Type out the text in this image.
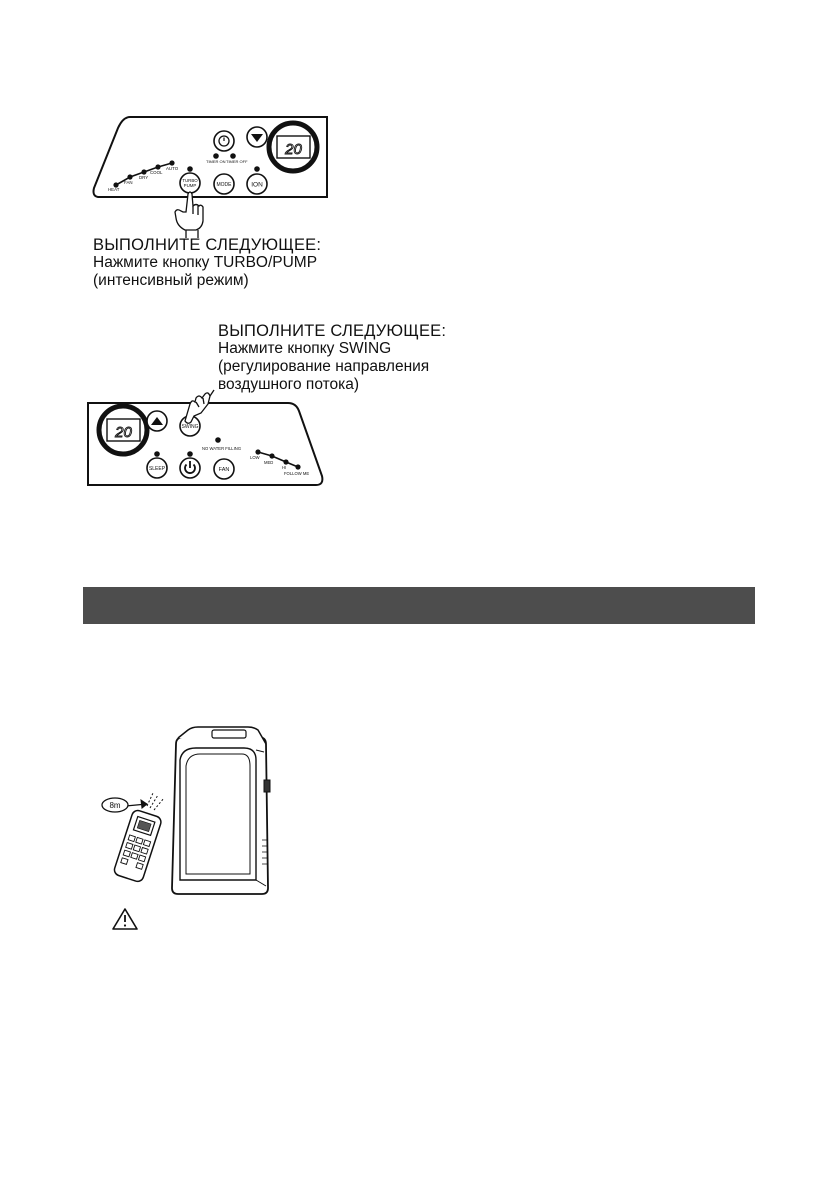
20
TIMER ON TIMER OFF
TURBO
PUMP	MODE	ION
HEAT
FAN
DRY
COOL
AUTO
ВЫПОЛНИТЕ СЛЕДУЮЩЕЕ:
Нажмите кнопку TURBO/PUMP
(интенсивный режим)
ВЫПОЛНИТЕ СЛЕДУЮЩЕЕ:
Нажмите кнопку SWING
(регулирование направления
воздушного потока)
20	SWING
NO WATER FILLING
SLEEP	FAN
LOW
MED
HI
FOLLOW ME
8m
